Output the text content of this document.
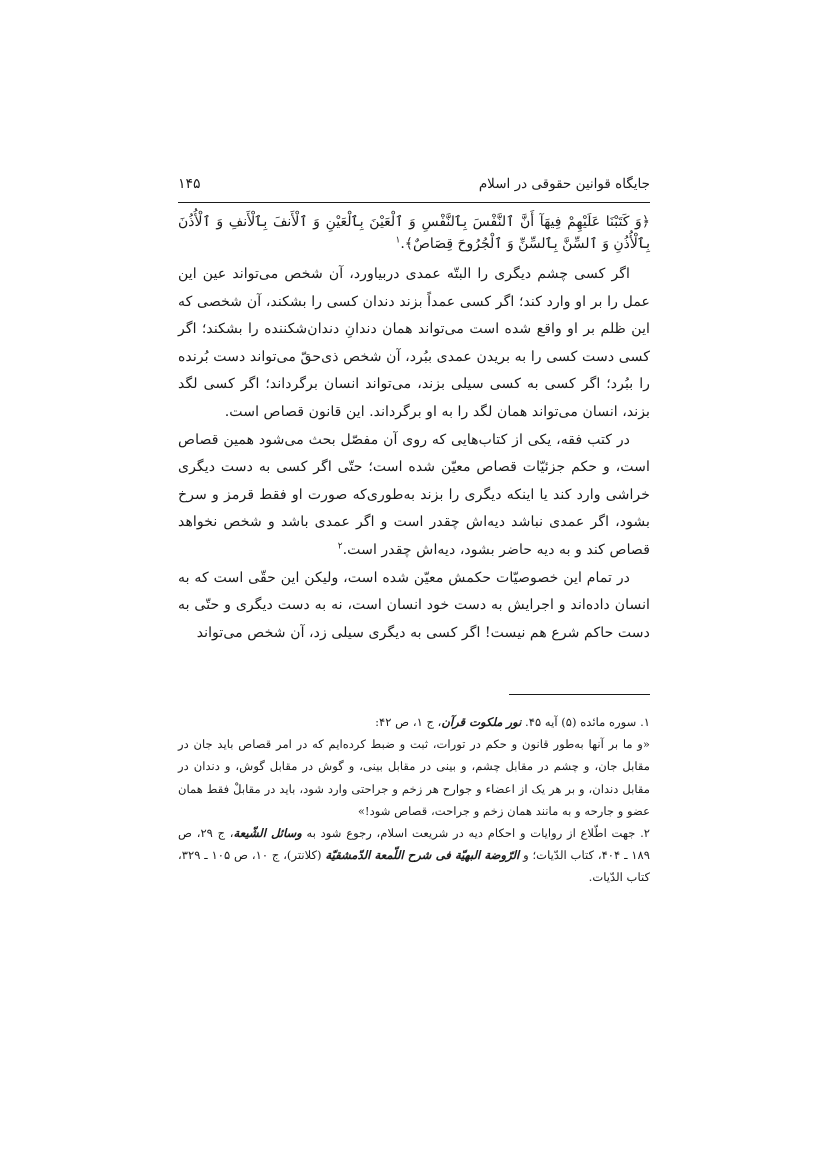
جایگاه قوانین حقوقی در اسلام
۱۴۵

﴿وَ كَتَبْنَا عَلَيْهِمْ فِيهَآ أَنَّ ٱلنَّفْسَ بِٱلنَّفْسِ وَ ٱلْعَيْنَ بِٱلْعَيْنِ وَ ٱلْأَنفَ بِٱلْأَنفِ وَ ٱلْأُذُنَ بِٱلْأُذُنِ وَ ٱلسِّنَّ بِٱلسِّنِّ وَ ٱلْجُرُوحَ قِصَاصٌ﴾.$^۱$

اگر کسی چشم دیگری را البتّه عمدی دربیاورد، آن شخص می‌تواند عین این عمل را بر او وارد کند؛ اگر کسی عمداً بزند دندان کسی را بشکند، آن شخصی که این ظلم بر او واقع شده است می‌تواند همان دندانِ دندان‌شکننده را بشکند؛ اگر کسی دست کسی را به بریدن عمدی ببُرد، آن شخص ذی‌حقّ می‌تواند دست بُرنده را ببُرد؛ اگر کسی به کسی سیلی بزند، می‌تواند انسان برگرداند؛ اگر کسی لگد بزند، انسان می‌تواند همان لگد را به او برگرداند. این قانون قصاص است.

در کتب فقه، یکی از کتاب‌هایی که روی آن مفصّل بحث می‌شود همین قصاص است، و حکم جزئیّات قصاص معیّن شده است؛ حتّی اگر کسی به دست دیگری خراشی وارد کند یا اینکه دیگری را بزند به‌طوری‌که صورت او فقط قرمز و سرخ بشود، اگر عمدی نباشد دیه‌اش چقدر است و اگر عمدی باشد و شخص نخواهد قصاص کند و به دیه حاضر بشود، دیه‌اش چقدر است.$^۲$

در تمام این خصوصیّات حکمش معیّن شده است، ولیکن این حقّی است که به انسان داده‌اند و اجرایش به دست خود انسان است، نه به دست دیگری و حتّی به دست حاکم شرع هم نیست! اگر کسی به دیگری سیلی زد، آن شخص می‌تواند

۱. سوره مائده (۵) آیه ۴۵. نور ملکوت قرآن، ج ۱، ص ۴۲:

«و ما بر آنها به‌طور قانون و حکم در تورات، ثبت و ضبط کرده‌ایم که در امر قصاص باید جان در مقابل جان، و چشم در مقابل چشم، و بینی در مقابل بینی، و گوش در مقابل گوش، و دندان در مقابل دندان، و بر هر یک از اعضاء و جوارح هر زخم و جراحتی وارد شود، باید در مقابلْ فقط همان عضو و جارحه و به مانند همان زخم و جراحت، قصاص شود!»

۲. جهت اطّلاع از روایات و احکام دیه در شریعت اسلام، رجوع شود به وسائل الشّیعة، ج ۲۹، ص ۱۸۹ ـ ۴۰۴، کتاب الدّیات؛ و الرّوضة البهیّة فی شرح اللّمعة الدّمشقیّة (کلانتر)، ج ۱۰، ص ۱۰۵ ـ ۳۲۹، کتاب الدّیات.
